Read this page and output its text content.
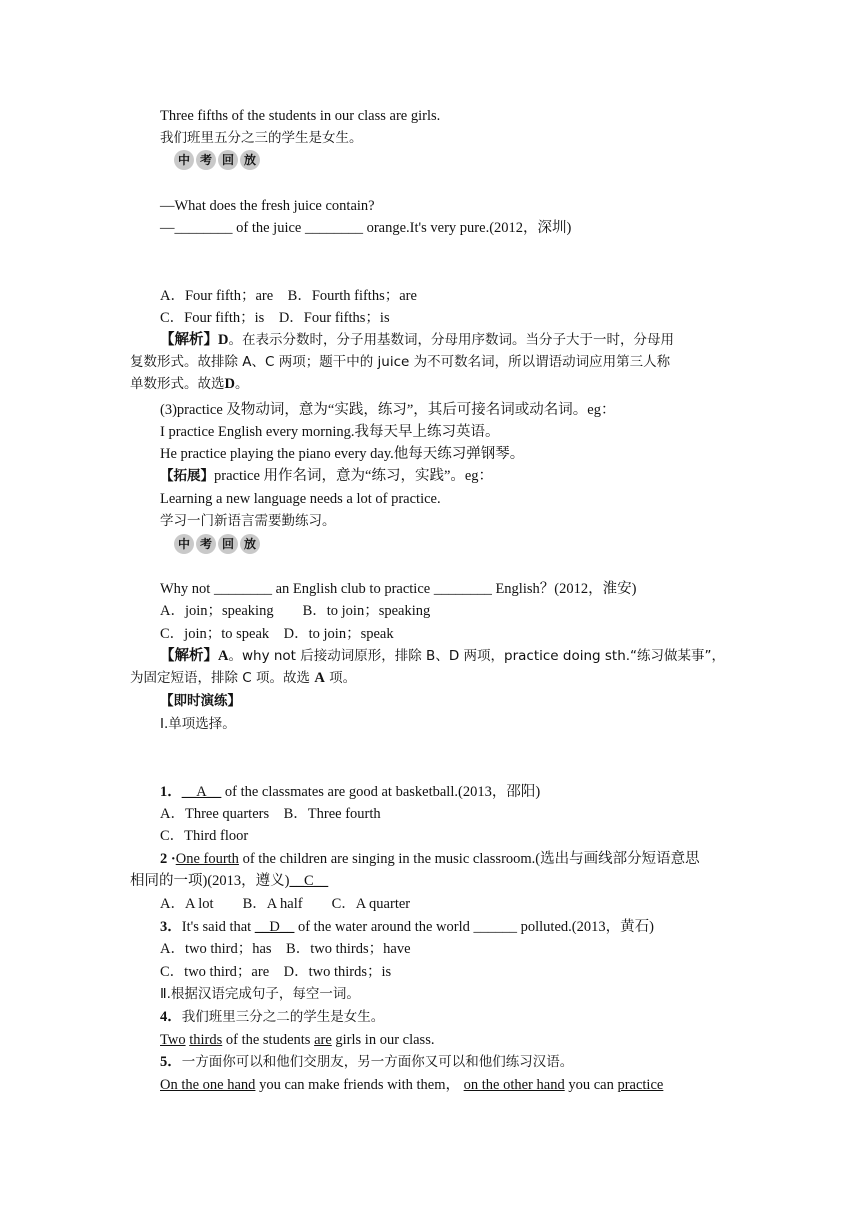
Three fifths of the students in our class are girls.
我们班里五分之三的学生是女生。
中 考 回 放
—What does the fresh juice contain?
—________ of the juice ________ orange.It's very pure.(2012，深圳)
A．Four fifth；are　B．Fourth fifths；are
C．Four fifth；is　D．Four fifths；is
【解析】D。在表示分数时，分子用基数词，分母用序数词。当分子大于一时，分母用
复数形式。故排除 A、C 两项；题干中的 juice 为不可数名词，所以谓语动词应用第三人称
单数形式。故选D。
(3)practice 及物动词，意为“实践，练习”，其后可接名词或动名词。eg：
I practice English every morning.我每天早上练习英语。
He practice playing the piano every day.他每天练习弹钢琴。
【拓展】practice 用作名词，意为“练习，实践”。eg：
Learning a new language needs a lot of practice.
学习一门新语言需要勤练习。
中 考 回 放
Why not ________ an English club to practice ________ English？(2012，淮安)
A．join；speaking　　B．to join；speaking
C．join；to speak　D．to join；speak
【解析】A。why not 后接动词原形，排除 B、D 两项，practice doing sth.“练习做某事”，
为固定短语，排除 C 项。故选 A 项。
【即时演练】
Ⅰ.单项选择。
1．__A__ of the classmates are good at basketball.(2013，邵阳)
A．Three quarters　B．Three fourth
C．Third floor
2 ·One fourth of the children are singing in the music classroom.(选出与画线部分短语意思
相同的一项)(2013，遵义)__C__
A．A lot　　B．A half　　C．A quarter
3．It's said that __D__ of the water around the world ______ polluted.(2013，黄石)
A．two third；has　B．two thirds；have
C．two third；are　D．two thirds；is
Ⅱ.根据汉语完成句子，每空一词。
4．我们班里三分之二的学生是女生。
Two thirds of the students are girls in our class.
5．一方面你可以和他们交朋友，另一方面你又可以和他们练习汉语。
On the one hand you can make friends with them， on the other hand you can practice
